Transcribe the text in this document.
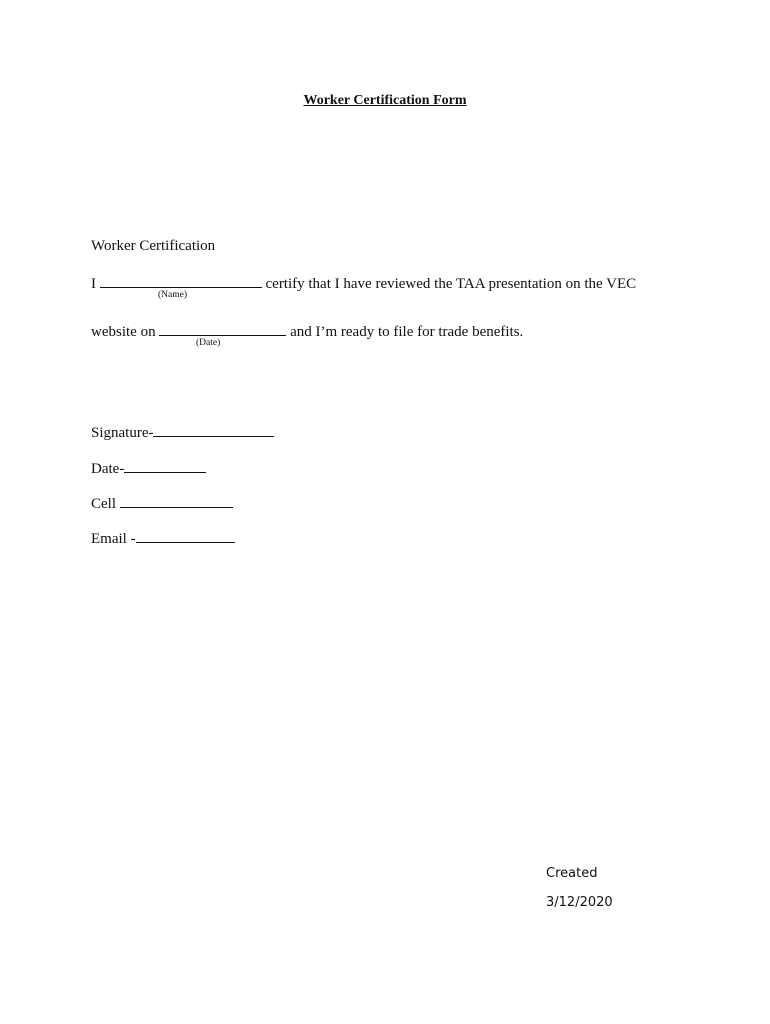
Worker Certification Form
Worker Certification
I	certify that I have reviewed the TAA presentation on the VEC
(Name)
website on	and I’m ready to file for trade benefits.
(Date)
Signature-
Date-
Cell
Email -
Created
3/12/2020
